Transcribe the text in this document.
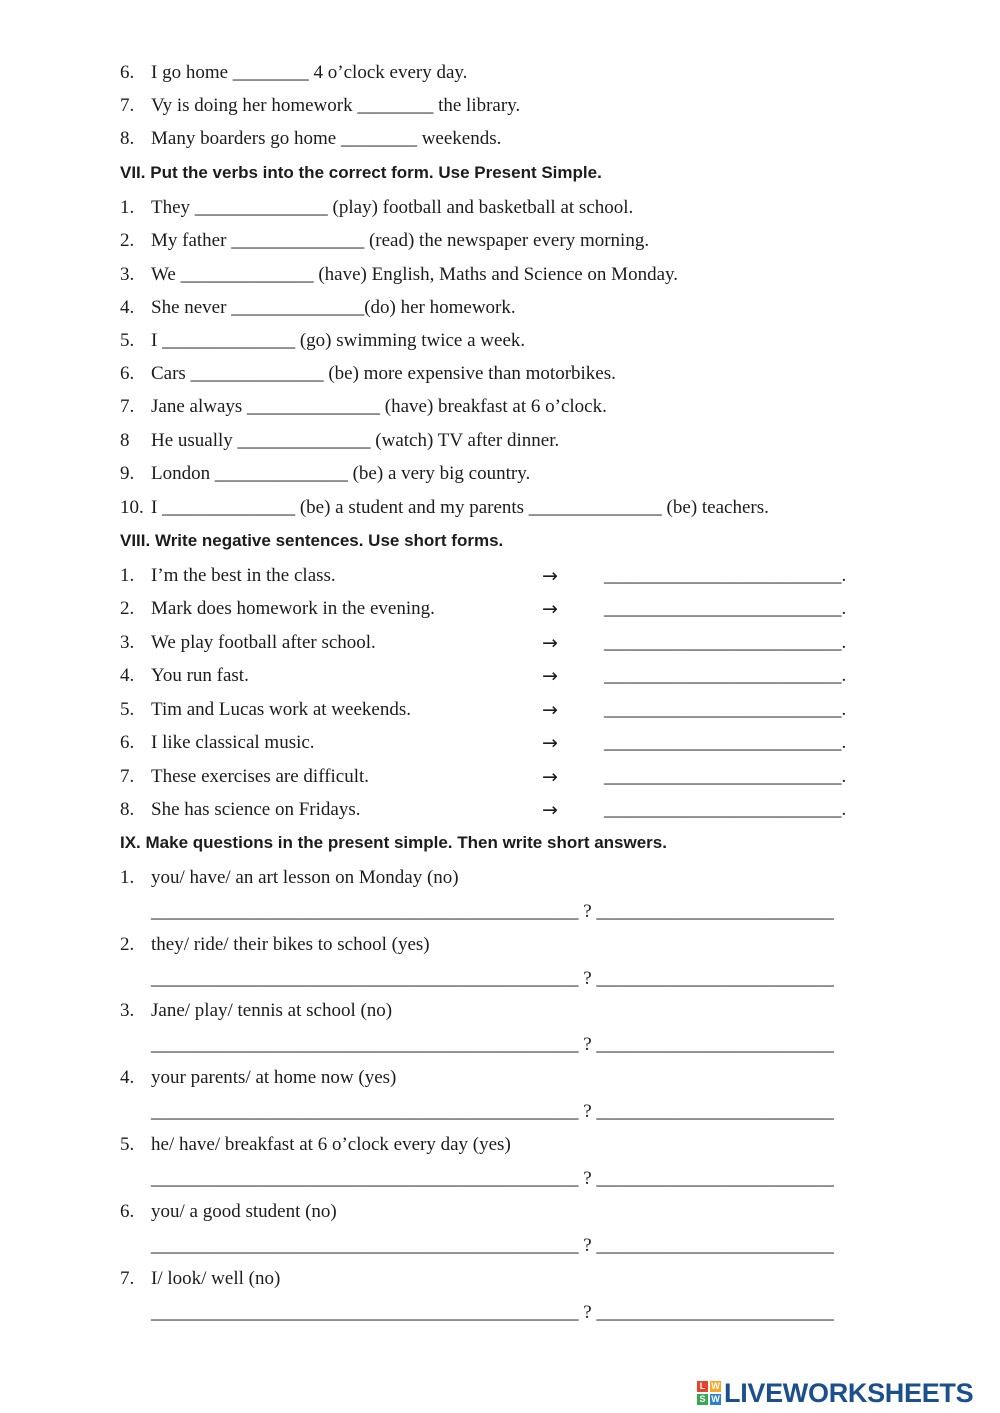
6. I go home ________ 4 o’clock every day.
7. Vy is doing her homework ________ the library.
8. Many boarders go home ________ weekends.
VII. Put the verbs into the correct form. Use Present Simple.
1. They ______________ (play) football and basketball at school.
2. My father ______________ (read) the newspaper every morning.
3. We ______________ (have) English, Maths and Science on Monday.
4. She never ______________(do) her homework.
5. I ______________ (go) swimming twice a week.
6. Cars ______________ (be) more expensive than motorbikes.
7. Jane always ______________ (have) breakfast at 6 o’clock.
8 He usually ______________ (watch) TV after dinner.
9. London ______________ (be) a very big country.
10. I ______________ (be) a student and my parents ______________ (be) teachers.
VIII. Write negative sentences. Use short forms.
1. I’m the best in the class.	→ _________________________.
2. Mark does homework in the evening.	→ _________________________.
3. We play football after school.	→ _________________________.
4. You run fast.	→ _________________________.
5. Tim and Lucas work at weekends.	→ _________________________.
6. I like classical music.	→ _________________________.
7. These exercises are difficult.	→ _________________________.
8. She has science on Fridays.	→ _________________________.
IX. Make questions in the present simple. Then write short answers.
1. you/ have/ an art lesson on Monday (no)
_____________________________________________ ? _________________________
2. they/ ride/ their bikes to school (yes)
_____________________________________________ ? _________________________
3. Jane/ play/ tennis at school (no)
_____________________________________________ ? _________________________
4. your parents/ at home now (yes)
_____________________________________________ ? _________________________
5. he/ have/ breakfast at 6 o’clock every day (yes)
_____________________________________________ ? _________________________
6. you/ a good student (no)
_____________________________________________ ? _________________________
7. I/ look/ well (no)
_____________________________________________ ? _________________________
L W
S W LIVEWORKSHEETS
